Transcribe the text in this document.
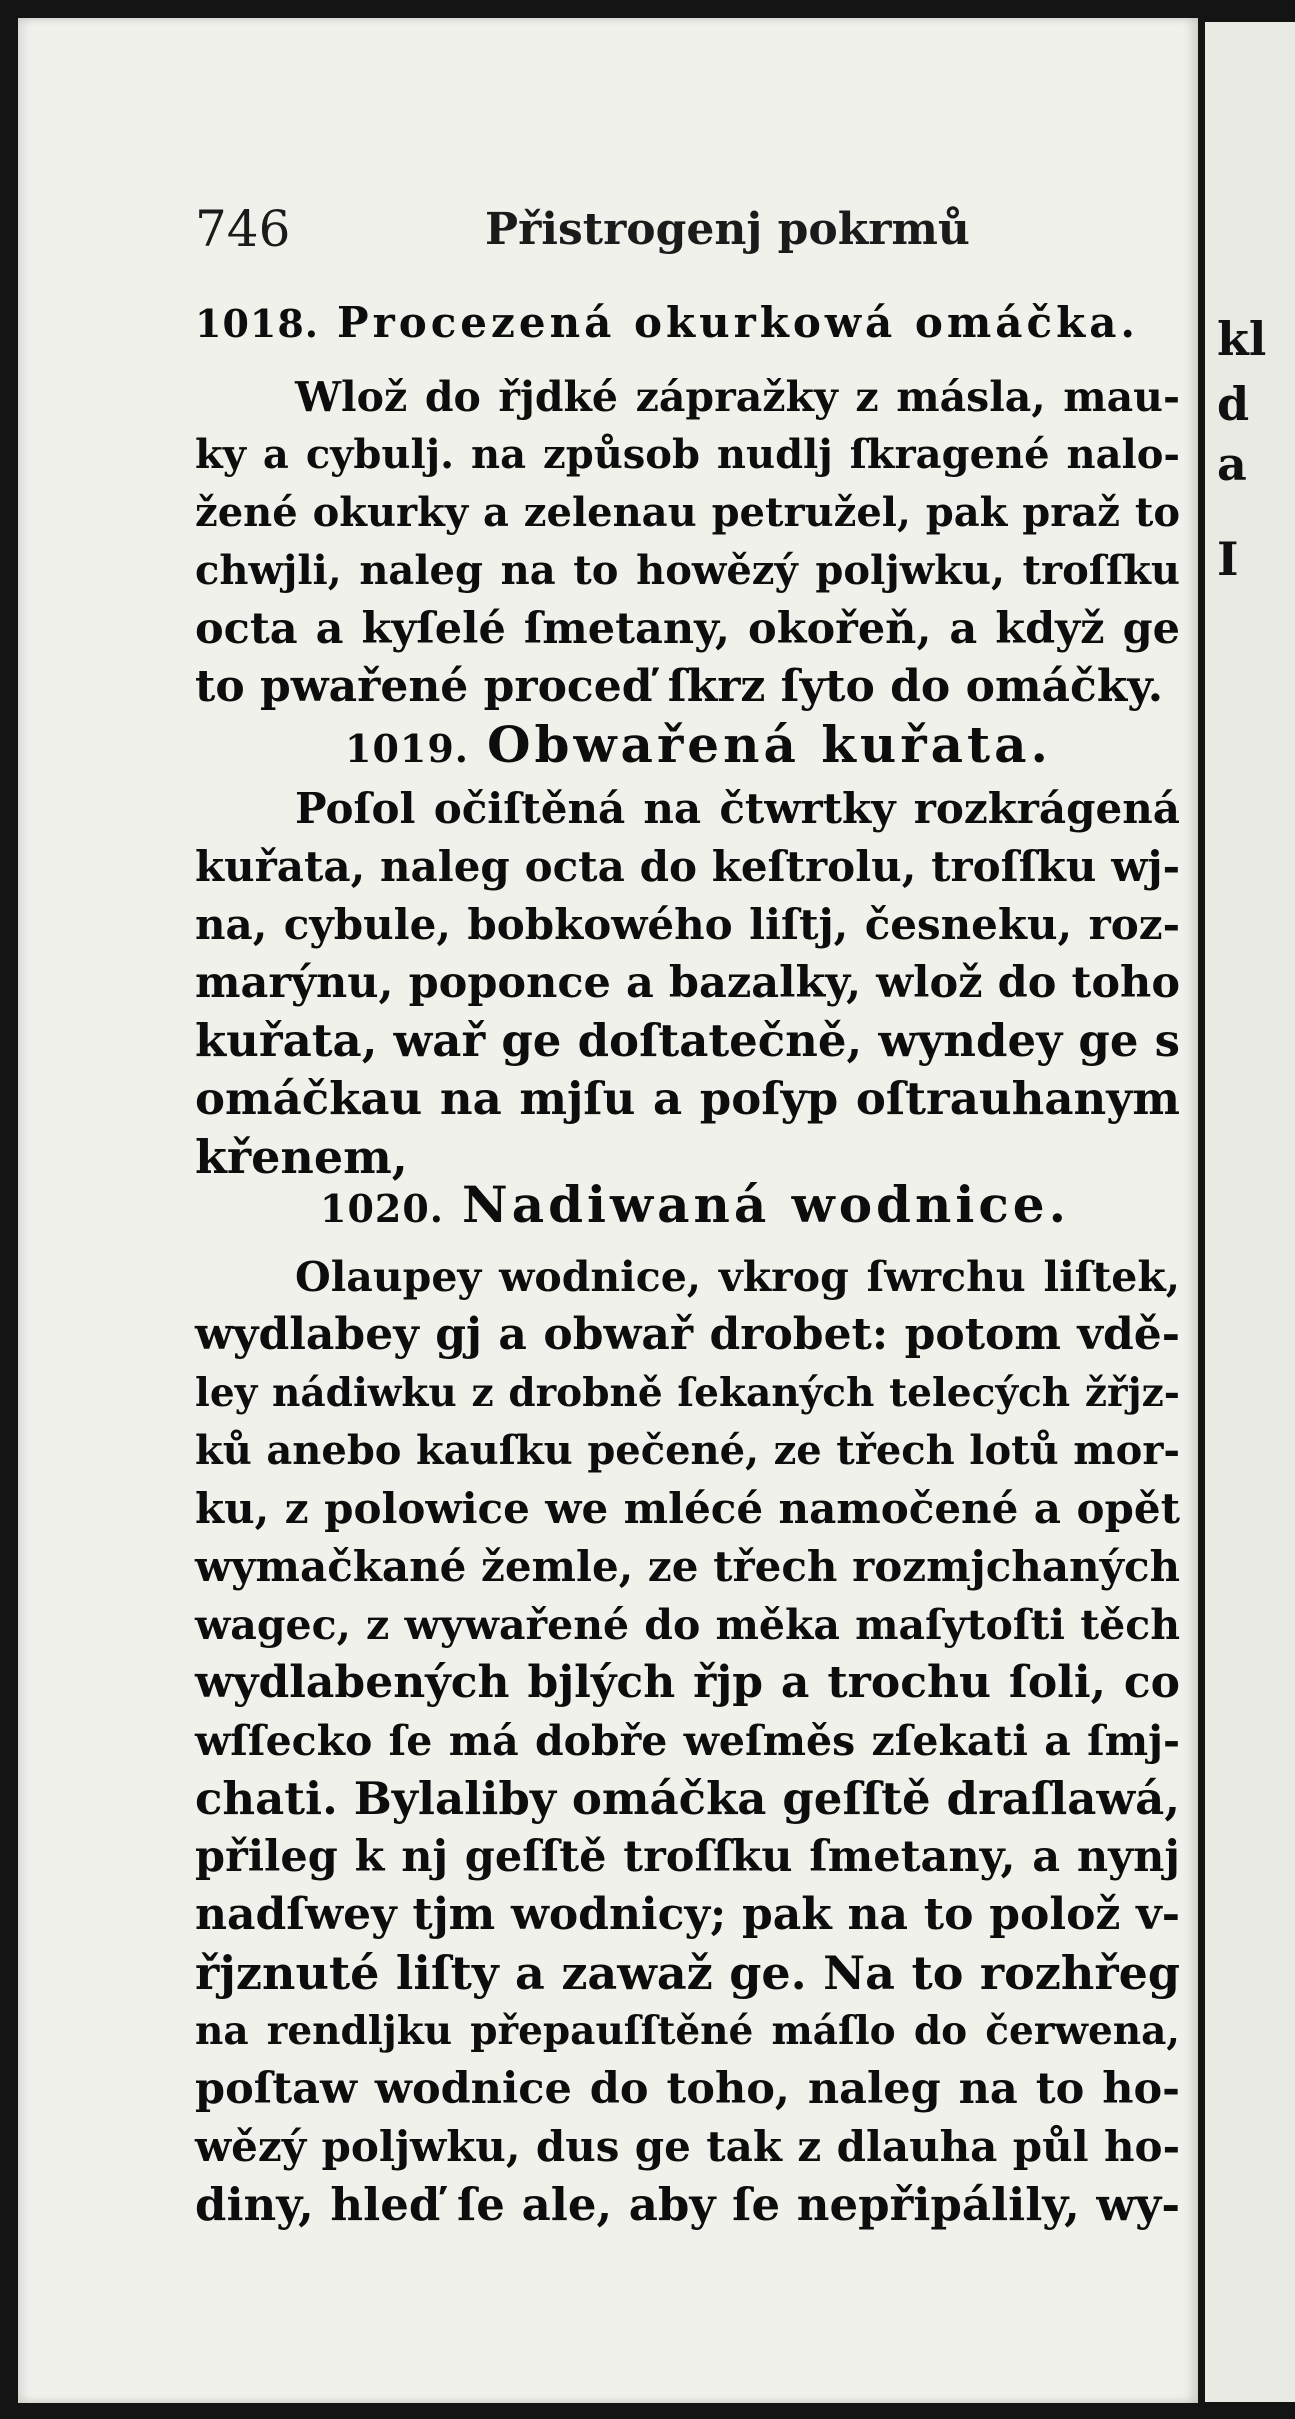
kl
d
a
I
746	Přistrogenj pokrmů
1018. Procezená okurkowá omáčka.
Wlož do řjdké zápražky z másla, mau-
ky a cybulj. na způsob nudlj ſkragené nalo-
žené okurky a zelenau petružel, pak praž to
chwjli, naleg na to howězý poljwku, troſſku
octa a kyſelé ſmetany, okořeň, a když ge
to pwařené proceď ſkrz ſyto do omáčky.
1019. Obwařená kuřata.
Poſol očiſtěná na čtwrtky rozkrágená
kuřata, naleg octa do keſtrolu, troſſku wj-
na, cybule, bobkowého liſtj, česneku, roz-
marýnu, poponce a bazalky, wlož do toho
kuřata, wař ge doſtatečně, wyndey ge s
omáčkau na mjſu a poſyp oſtrauhanym
křenem,
1020. Nadiwaná wodnice.
Olaupey wodnice, vkrog ſwrchu liſtek,
wydlabey gj a obwař drobet: potom vdě-
ley nádiwku z drobně ſekaných telecých žřjz-
ků anebo kauſku pečené, ze třech lotů mor-
ku, z polowice we mlécé namočené a opět
wymačkané žemle, ze třech rozmjchaných
wagec, z wywařené do měka maſytoſti těch
wydlabených bjlých řjp a trochu ſoli, co
wſſecko ſe má dobře weſměs zſekati a ſmj-
chati. Bylaliby omáčka geſſtě draſlawá,
přileg k nj geſſtě troſſku ſmetany, a nynj
nadſwey tjm wodnicy; pak na to polož v-
řjznuté liſty a zawaž ge. Na to rozhřeg
na rendljku přepauſſtěné máſlo do čerwena,
poſtaw wodnice do toho, naleg na to ho-
wězý poljwku, dus ge tak z dlauha půl ho-
diny, hleď ſe ale, aby ſe nepřipálily, wy-
